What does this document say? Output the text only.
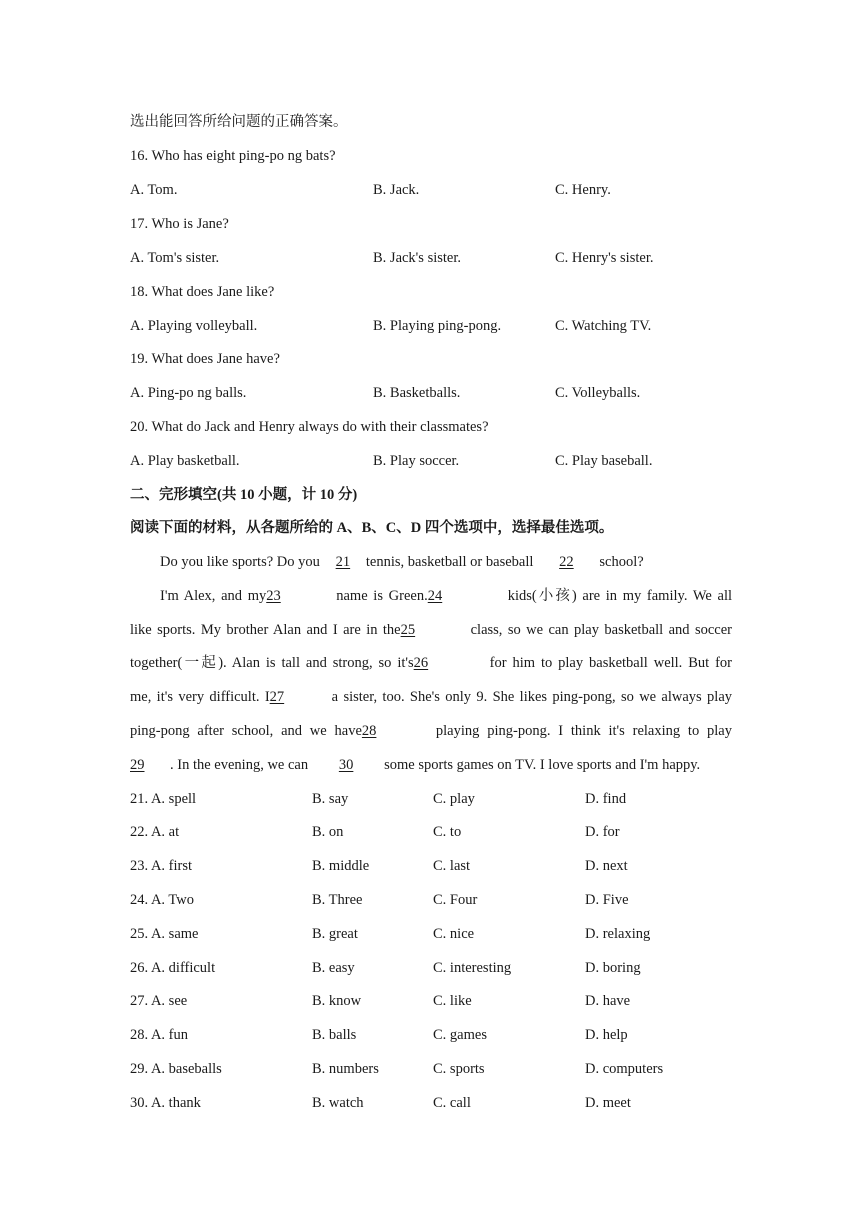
选出能回答所给问题的正确答案。
16. Who has eight ping-po ng bats?
A. Tom.	B. Jack.	C. Henry.
17. Who is Jane?
A. Tom's sister.	B. Jack's sister.	C. Henry's sister.
18. What does Jane like?
A. Playing volleyball.	B. Playing ping-pong.	C. Watching TV.
19. What does Jane have?
A. Ping-po ng balls.	B. Basketballs.	C. Volleyballs.
20. What do Jack and Henry always do with their classmates?
A. Play basketball.	B. Play soccer.	C. Play baseball.
二、完形填空(共 10 小题，计 10 分)
阅读下面的材料，从各题所给的 A、B、C、D 四个选项中，选择最佳选项。
Do you like sports? Do you 21 tennis, basketball or baseball 22 school?
I'm Alex, and my23	name is Green.24	kids(小孩) are in my family. We all
like sports. My brother Alan and I are in the25	class, so we can play basketball and soccer
together(一起). Alan is tall and strong, so it's26	for him to play basketball well. But for
me, it's very difficult. I27	a sister, too. She's only 9. She likes ping-pong, so we always play
ping-pong after school, and we have28	playing ping-pong. I think it's relaxing to play
29 . In the evening, we can 30 some sports games on TV. I love sports and I'm happy.
21. A. spell	B. say	C. play	D. find
22. A. at	B. on	C. to	D. for
23. A. first	B. middle	C. last	D. next
24. A. Two	B. Three	C. Four	D. Five
25. A. same	B. great	C. nice	D. relaxing
26. A. difficult	B. easy	C. interesting	D. boring
27. A. see	B. know	C. like	D. have
28. A. fun	B. balls	C. games	D. help
29. A. baseballs	B. numbers	C. sports	D. computers
30. A. thank	B. watch	C. call	D. meet
